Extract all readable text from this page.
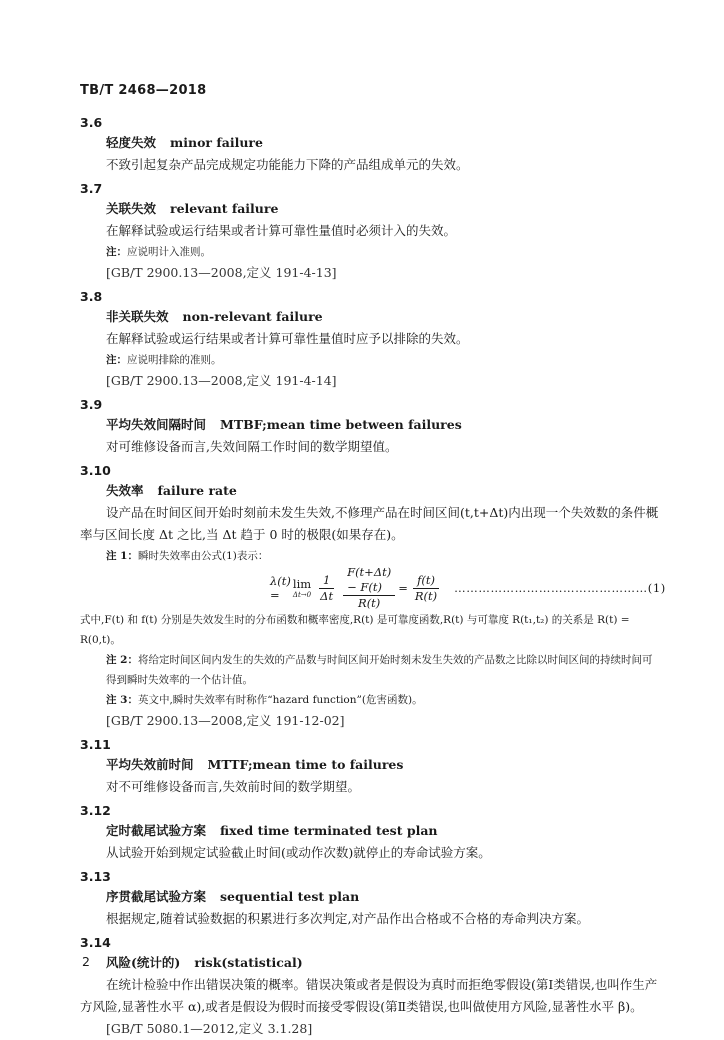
TB/T 2468—2018
3.6
轻度失效 minor failure
不致引起复杂产品完成规定功能能力下降的产品组成单元的失效。
3.7
关联失效 relevant failure
在解释试验或运行结果或者计算可靠性量值时必须计入的失效。
注：应说明计入准则。
[GB/T 2900.13—2008,定义 191-4-13]
3.8
非关联失效 non-relevant failure
在解释试验或运行结果或者计算可靠性量值时应予以排除的失效。
注：应说明排除的准则。
[GB/T 2900.13—2008,定义 191-4-14]
3.9
平均失效间隔时间 MTBF;mean time between failures
对可维修设备而言,失效间隔工作时间的数学期望值。
3.10
失效率 failure rate
设产品在时间区间开始时刻前未发生失效,不修理产品在时间区间(t,t+Δt)内出现一个失效数的条件概率与区间长度 Δt 之比,当 Δt 趋于 0 时的极限(如果存在)。
注 1：瞬时失效率由公式(1)表示：
λ(t) =
lim
$\Delta t\to 0 \frac{1}{\Delta t} \frac{F(t+\Delta t) - F(t)}{R(t)} = \frac{f(t)}{R(t)}$ …………………………………………(1)
式中,F(t) 和 f(t) 分别是失效发生时的分布函数和概率密度,R(t) 是可靠度函数,R(t) 与可靠度 R(t₁,t₂) 的关系是 R(t) = R(0,t)。
注 2：将给定时间区间内发生的失效的产品数与时间区间开始时刻未发生失效的产品数之比除以时间区间的持续时间可得到瞬时失效率的一个估计值。
注 3：英文中,瞬时失效率有时称作“hazard function”(危害函数)。
[GB/T 2900.13—2008,定义 191-12-02]
3.11
平均失效前时间 MTTF;mean time to failures
对不可维修设备而言,失效前时间的数学期望。
3.12
定时截尾试验方案 fixed time terminated test plan
从试验开始到规定试验截止时间(或动作次数)就停止的寿命试验方案。
3.13
序贯截尾试验方案 sequential test plan
根据规定,随着试验数据的积累进行多次判定,对产品作出合格或不合格的寿命判决方案。
3.14
风险(统计的) risk(statistical)
在统计检验中作出错误决策的概率。错误决策或者是假设为真时而拒绝零假设(第Ⅰ类错误,也叫作生产方风险,显著性水平 α),或者是假设为假时而接受零假设(第Ⅱ类错误,也叫做使用方风险,显著性水平 β)。
[GB/T 5080.1—2012,定义 3.1.28]
2
